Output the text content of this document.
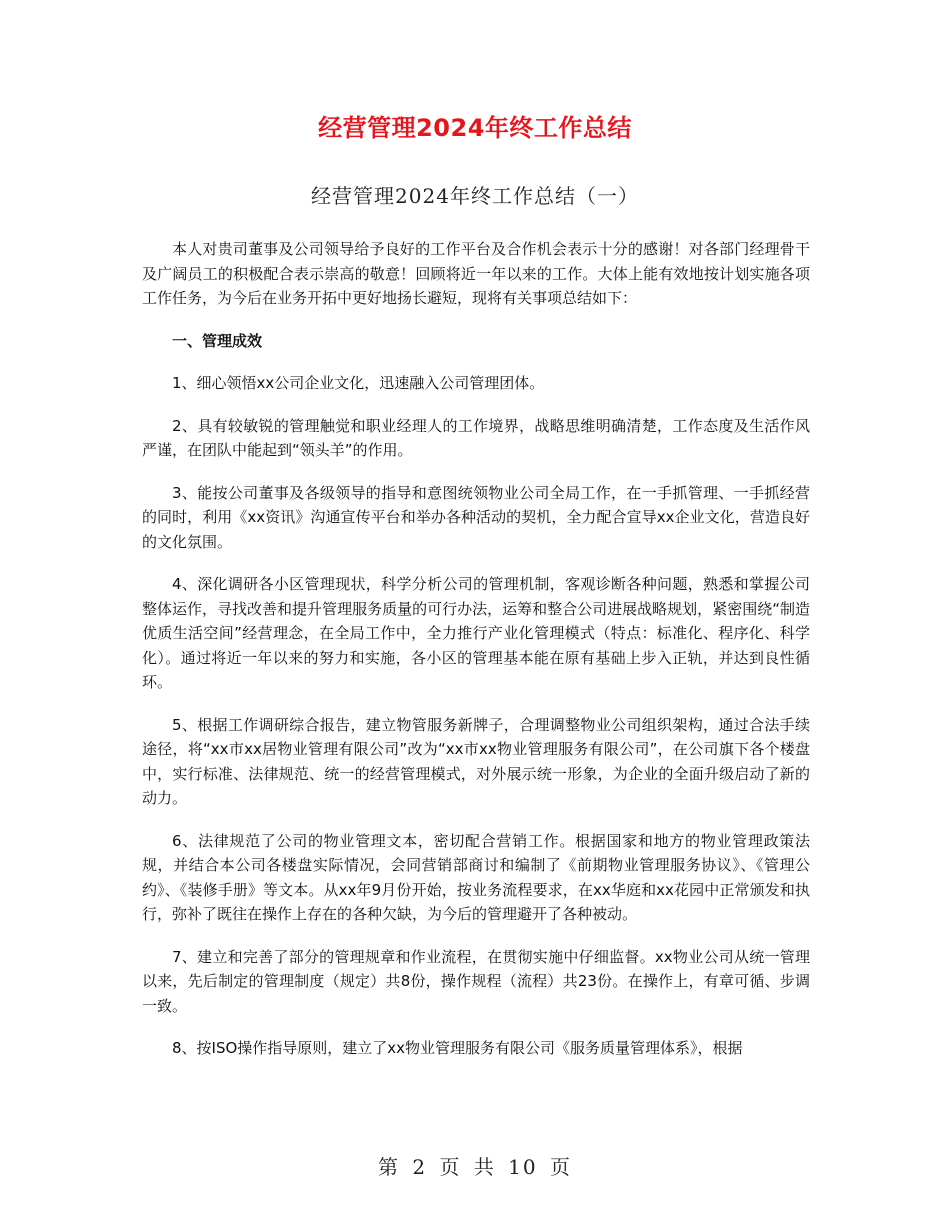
经营管理2024年终工作总结
经营管理2024年终工作总结（一）

本人对贵司董事及公司领导给予良好的工作平台及合作机会表示十分的感谢！对各部门经理骨干及广阔员工的积极配合表示崇高的敬意！回顾将近一年以来的工作。大体上能有效地按计划实施各项工作任务，为今后在业务开拓中更好地扬长避短，现将有关事项总结如下：

一、管理成效

1、细心领悟xx公司企业文化，迅速融入公司管理团体。

2、具有较敏锐的管理触觉和职业经理人的工作境界，战略思维明确清楚，工作态度及生活作风严谨，在团队中能起到“领头羊”的作用。

3、能按公司董事及各级领导的指导和意图统领物业公司全局工作，在一手抓管理、一手抓经营的同时，利用《xx资讯》沟通宣传平台和举办各种活动的契机，全力配合宣导xx企业文化，营造良好的文化氛围。

4、深化调研各小区管理现状，科学分析公司的管理机制，客观诊断各种问题，熟悉和掌握公司整体运作，寻找改善和提升管理服务质量的可行办法，运筹和整合公司进展战略规划，紧密围绕“制造优质生活空间”经营理念，在全局工作中，全力推行产业化管理模式（特点：标准化、程序化、科学化）。通过将近一年以来的努力和实施，各小区的管理基本能在原有基础上步入正轨，并达到良性循环。

5、根据工作调研综合报告，建立物管服务新牌子，合理调整物业公司组织架构，通过合法手续途径，将“xx市xx居物业管理有限公司”改为“xx市xx物业管理服务有限公司”，在公司旗下各个楼盘中，实行标准、法律规范、统一的经营管理模式，对外展示统一形象，为企业的全面升级启动了新的动力。

6、法律规范了公司的物业管理文本，密切配合营销工作。根据国家和地方的物业管理政策法规，并结合本公司各楼盘实际情况，会同营销部商讨和编制了《前期物业管理服务协议》、《管理公约》、《装修手册》等文本。从xx年9月份开始，按业务流程要求，在xx华庭和xx花园中正常颁发和执行，弥补了既往在操作上存在的各种欠缺，为今后的管理避开了各种被动。

7、建立和完善了部分的管理规章和作业流程，在贯彻实施中仔细监督。xx物业公司从统一管理以来，先后制定的管理制度（规定）共8份，操作规程（流程）共23份。在操作上，有章可循、步调一致。

8、按ISO操作指导原则，建立了xx物业管理服务有限公司《服务质量管理体系》，根据

第 2 页 共 10 页
